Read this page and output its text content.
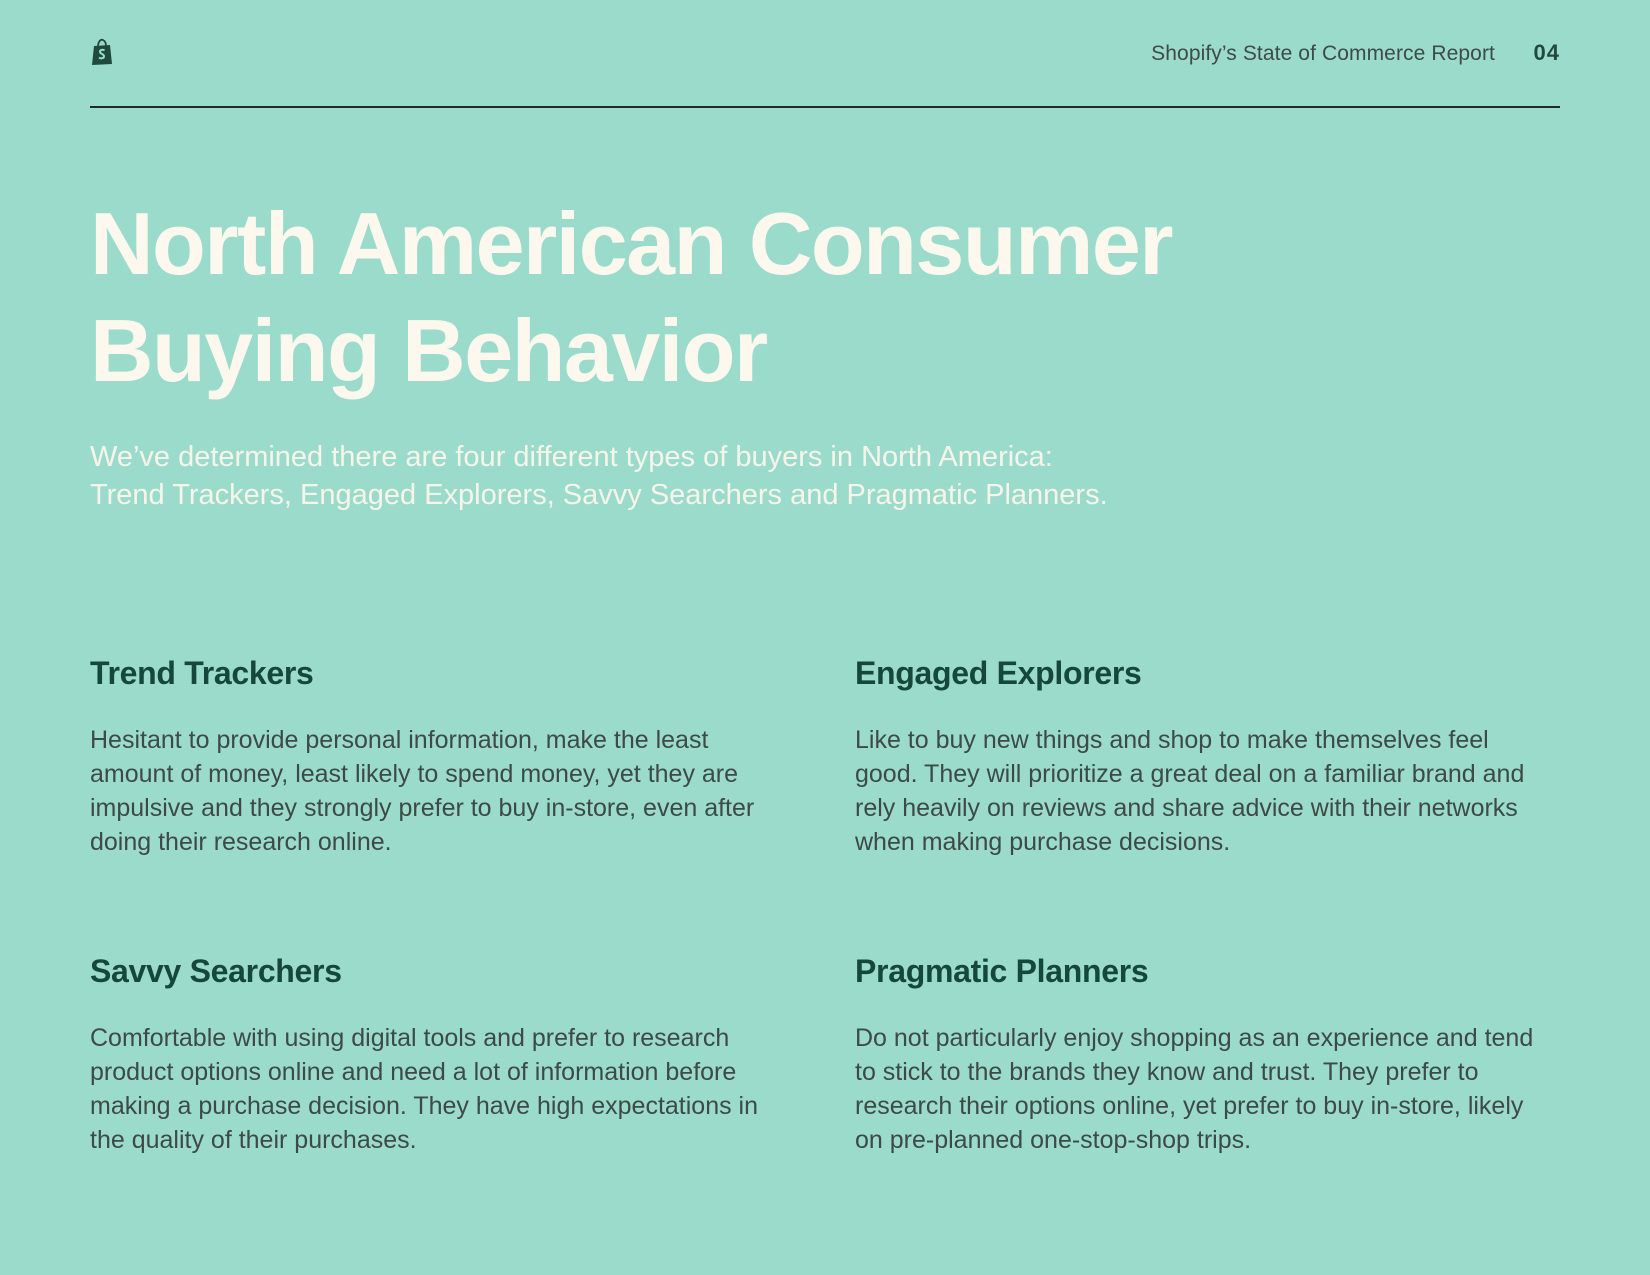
Shopify’s State of Commerce Report 04
North American Consumer
Buying Behavior

We’ve determined there are four different types of buyers in North America:
Trend Trackers, Engaged Explorers, Savvy Searchers and Pragmatic Planners.

Trend Trackers

Hesitant to provide personal information, make the least amount of money, least likely to spend money, yet they are impulsive and they strongly prefer to buy in-store, even after doing their research online.

Engaged Explorers

Like to buy new things and shop to make themselves feel good. They will prioritize a great deal on a familiar brand and rely heavily on reviews and share advice with their networks when making purchase decisions.

Savvy Searchers

Comfortable with using digital tools and prefer to research product options online and need a lot of information before making a purchase decision. They have high expectations in the quality of their purchases.

Pragmatic Planners

Do not particularly enjoy shopping as an experience and tend to stick to the brands they know and trust. They prefer to research their options online, yet prefer to buy in-store, likely on pre-planned one-stop-shop trips.
